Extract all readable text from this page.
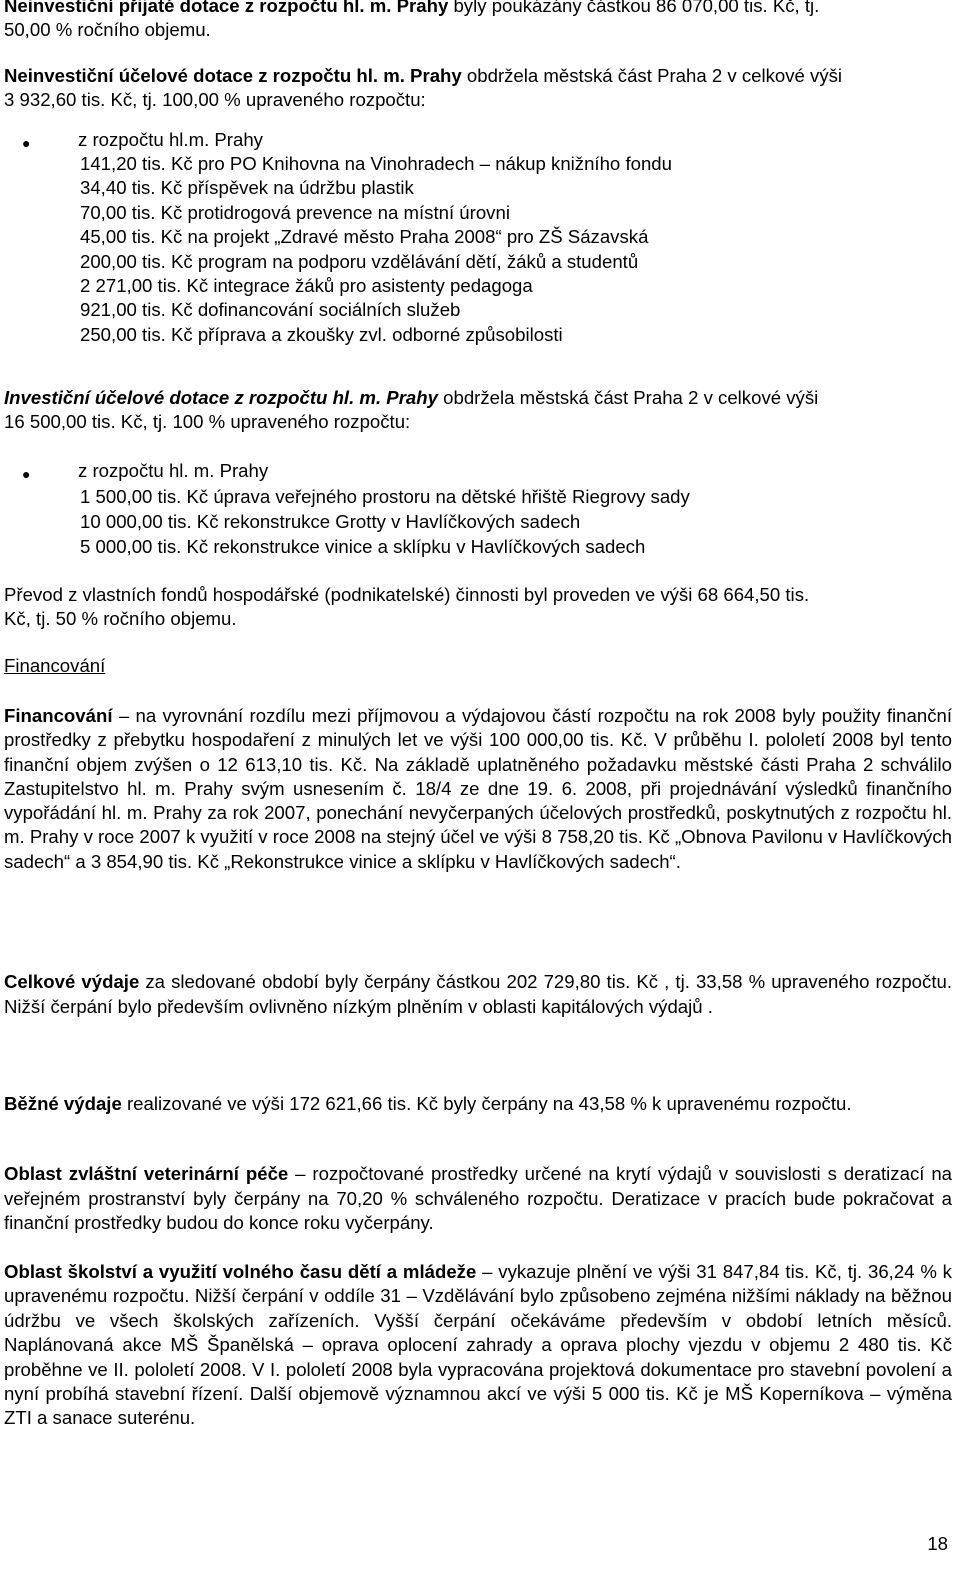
Neinvestiční přijaté dotace z rozpočtu hl. m. Prahy byly poukázány částkou 86 070,00 tis. Kč, tj.
50,00 % ročního objemu.
Neinvestiční účelové dotace z rozpočtu hl. m. Prahy obdržela městská část Praha 2 v celkové výši
3 932,60 tis. Kč, tj. 100,00 % upraveného rozpočtu:
●	z rozpočtu hl.m. Prahy
141,20 tis. Kč pro PO Knihovna na Vinohradech – nákup knižního fondu
34,40 tis. Kč příspěvek na údržbu plastik
70,00 tis. Kč protidrogová prevence na místní úrovni
45,00 tis. Kč na projekt „Zdravé město Praha 2008“ pro ZŠ Sázavská
200,00 tis. Kč program na podporu vzdělávání dětí, žáků a studentů
2 271,00 tis. Kč integrace žáků pro asistenty pedagoga
921,00 tis. Kč dofinancování sociálních služeb
250,00 tis. Kč příprava a zkoušky zvl. odborné způsobilosti
Investiční účelové dotace z rozpočtu hl. m. Prahy obdržela městská část Praha 2 v celkové výši
16 500,00 tis. Kč, tj. 100 % upraveného rozpočtu:
●	z rozpočtu hl. m. Prahy
1 500,00 tis. Kč úprava veřejného prostoru na dětské hřiště Riegrovy sady
10 000,00 tis. Kč rekonstrukce Grotty v Havlíčkových sadech
5 000,00 tis. Kč rekonstrukce vinice a sklípku v Havlíčkových sadech
Převod z vlastních fondů hospodářské (podnikatelské) činnosti byl proveden ve výši 68 664,50 tis.
Kč, tj. 50 % ročního objemu.
Financování
Financování – na vyrovnání rozdílu mezi příjmovou a výdajovou částí rozpočtu na rok 2008 byly použity finanční prostředky z přebytku hospodaření z minulých let ve výši 100 000,00 tis. Kč. V průběhu I. pololetí 2008 byl tento finanční objem zvýšen o 12 613,10 tis. Kč. Na základě uplatněného požadavku městské části Praha 2 schválilo Zastupitelstvo hl. m. Prahy svým usnesením č. 18/4 ze dne 19. 6. 2008, při projednávání výsledků finančního vypořádání hl. m. Prahy za rok 2007, ponechání nevyčerpaných účelových prostředků, poskytnutých z rozpočtu hl. m. Prahy v roce 2007 k využití v roce 2008 na stejný účel ve výši 8 758,20 tis. Kč „Obnova Pavilonu v Havlíčkových sadech“ a 3 854,90 tis. Kč „Rekonstrukce vinice a sklípku v Havlíčkových sadech“.
Celkové výdaje za sledované období byly čerpány částkou 202 729,80 tis. Kč , tj. 33,58 % upraveného rozpočtu. Nižší čerpání bylo především ovlivněno nízkým plněním v oblasti kapitálových výdajů .
Běžné výdaje realizované ve výši 172 621,66 tis. Kč byly čerpány na 43,58 % k upravenému rozpočtu.
Oblast zvláštní veterinární péče – rozpočtované prostředky určené na krytí výdajů v souvislosti s deratizací na veřejném prostranství byly čerpány na 70,20 % schváleného rozpočtu. Deratizace v pracích bude pokračovat a finanční prostředky budou do konce roku vyčerpány.
Oblast školství a využití volného času dětí a mládeže – vykazuje plnění ve výši 31 847,84 tis. Kč, tj. 36,24 % k upravenému rozpočtu. Nižší čerpání v oddíle 31 – Vzdělávání bylo způsobeno zejména nižšími náklady na běžnou údržbu ve všech školských zařízeních. Vyšší čerpání očekáváme především v období letních měsíců. Naplánovaná akce MŠ Španělská – oprava oplocení zahrady a oprava plochy vjezdu v objemu 2 480 tis. Kč proběhne ve II. pololetí 2008. V I. pololetí 2008 byla vypracována projektová dokumentace pro stavební povolení a nyní probíhá stavební řízení. Další objemově významnou akcí ve výši 5 000 tis. Kč je MŠ Koperníkova – výměna ZTI a sanace suterénu.
18
